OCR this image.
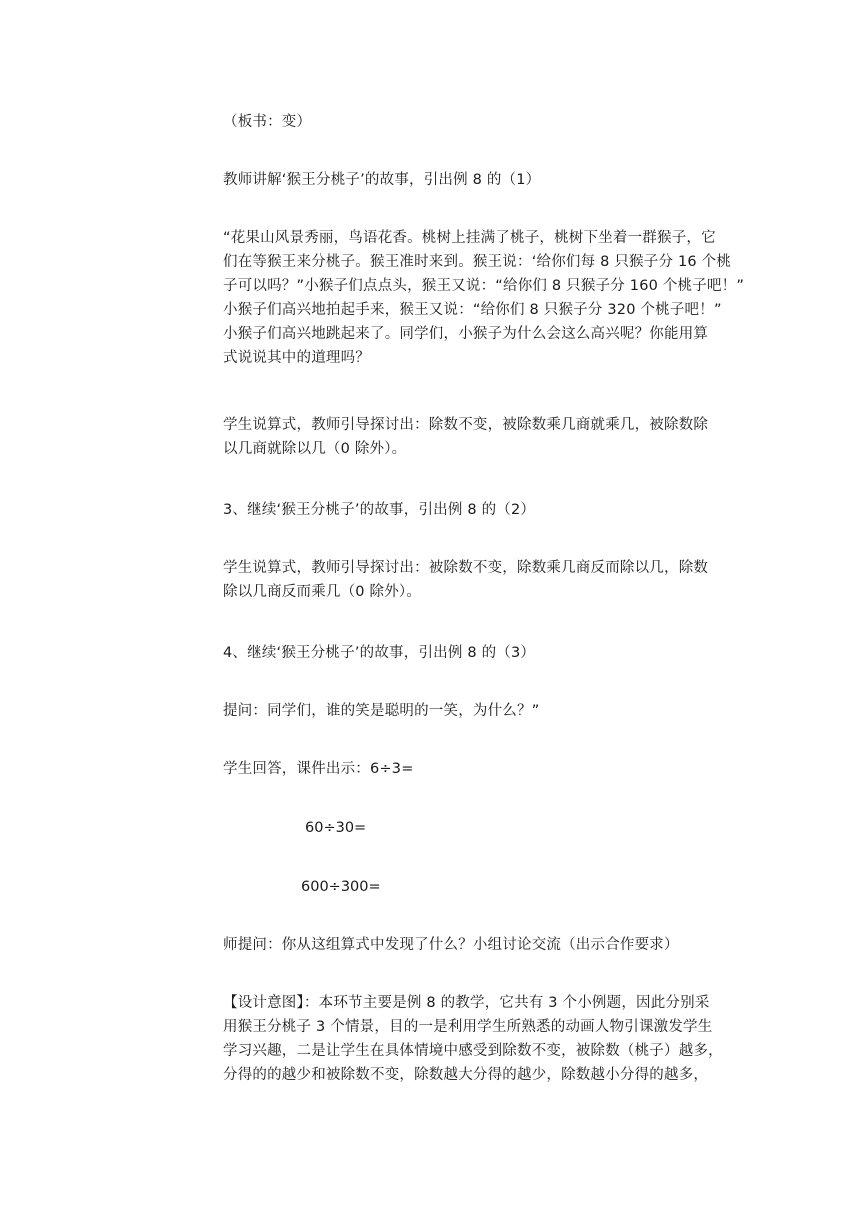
（板书：变）

教师讲解‘猴王分桃子’的故事，引出例 8 的（1）

“花果山风景秀丽，鸟语花香。桃树上挂满了桃子，桃树下坐着一群猴子，它
们在等猴王来分桃子。猴王准时来到。猴王说：‘给你们每 8 只猴子分 16 个桃
子可以吗？”小猴子们点点头，猴王又说：“给你们 8 只猴子分 160 个桃子吧！”
小猴子们高兴地拍起手来，猴王又说：“给你们 8 只猴子分 320 个桃子吧！”
小猴子们高兴地跳起来了。同学们，小猴子为什么会这么高兴呢？你能用算
式说说其中的道理吗？

学生说算式，教师引导探讨出：除数不变，被除数乘几商就乘几，被除数除
以几商就除以几（0 除外）。

3、继续‘猴王分桃子’的故事，引出例 8 的（2）

学生说算式，教师引导探讨出：被除数不变，除数乘几商反而除以几，除数
除以几商反而乘几（0 除外）。

4、继续‘猴王分桃子’的故事，引出例 8 的（3）

提问：同学们，谁的笑是聪明的一笑，为什么？”

学生回答，课件出示：6÷3=

60÷30=

600÷300=

师提问：你从这组算式中发现了什么？小组讨论交流（出示合作要求）

【设计意图】：本环节主要是例 8 的教学，它共有 3 个小例题，因此分别采
用猴王分桃子 3 个情景，目的一是利用学生所熟悉的动画人物引课激发学生
学习兴趣，二是让学生在具体情境中感受到除数不变，被除数（桃子）越多，
分得的的越少和被除数不变，除数越大分得的越少，除数越小分得的越多，
